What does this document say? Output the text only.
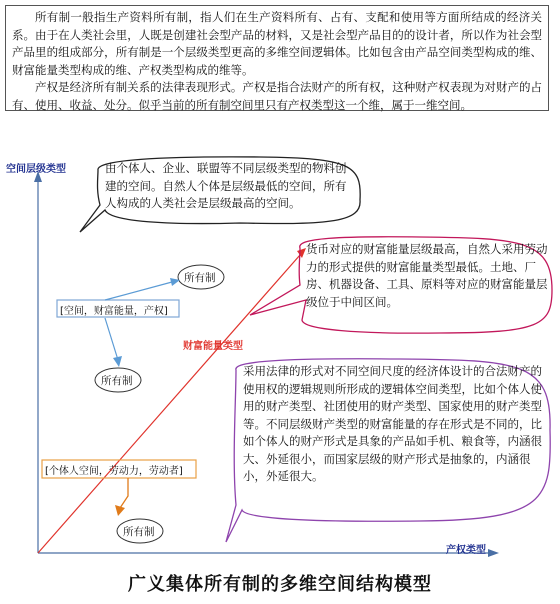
所有制一般指生产资料所有制，指人们在生产资料所有、占有、支配和使用等方面所结成的经济关系。由于在人类社会里，人既是创建社会型产品的材料，又是社会型产品目的的设计者，所以作为社会型产品里的组成部分，所有制是一个层级类型更高的多维空间逻辑体。比如包含由产品空间类型构成的维、财富能量类型构成的维、产权类型构成的维等。

产权是经济所有制关系的法律表现形式。产权是指合法财产的所有权，这种财产权表现为对财产的占有、使用、收益、处分。似乎当前的所有制空间里只有产权类型这一个维，属于一维空间。

空间层级类型
产权类型
财富能量类型
由个体人、企业、联盟等不同层级类型的物料创建的空间。自然人个体是层级最低的空间，所有人构成的人类社会是层级最高的空间。
货币对应的财富能量层级最高，自然人采用劳动力的形式提供的财富能量类型最低。土地、厂房、机器设备、工具、原料等对应的财富能量层级位于中间区间。
采用法律的形式对不同空间尺度的经济体设计的合法财产的使用权的逻辑规则所形成的逻辑体空间类型，比如个体人使用的财产类型、社团使用的财产类型、国家使用的财产类型等。不同层级财产类型的财富能量的存在形式是不同的，比如个体人的财产形式是具象的产品如手机、粮食等，内涵很大、外延很小，而国家层级的财产形式是抽象的，内涵很小，外延很大。
[空间，财富能量，产权]
[个体人空间，劳动力，劳动者]
所有制
所有制
所有制
广义集体所有制的多维空间结构模型
